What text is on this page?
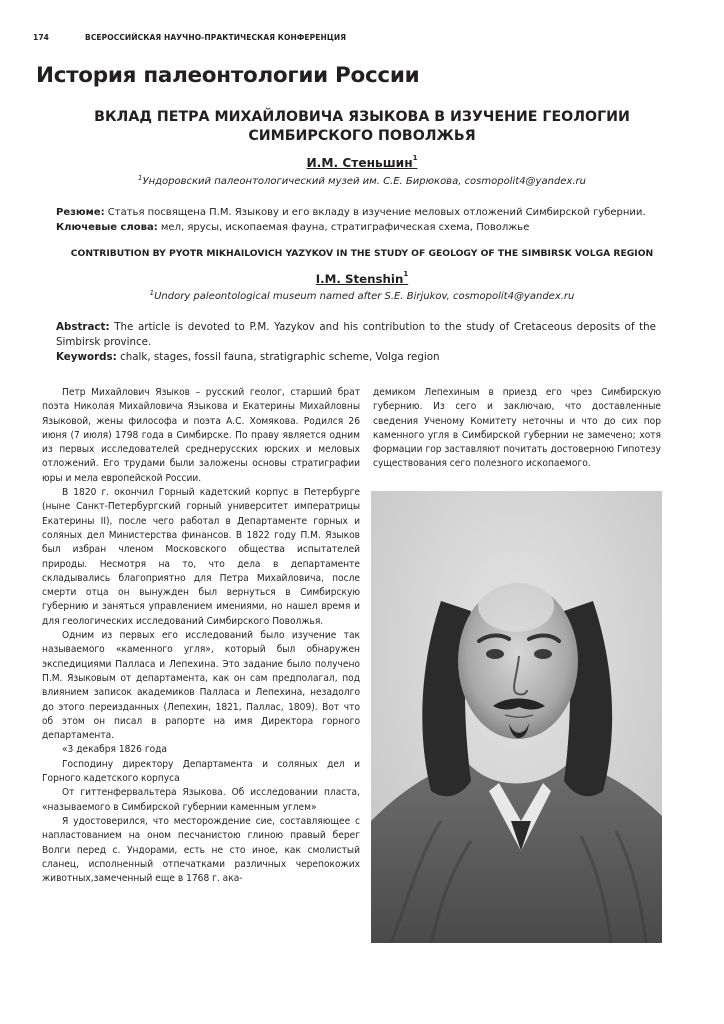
174	ВСЕРОССИЙСКАЯ НАУЧНО-ПРАКТИЧЕСКАЯ КОНФЕРЕНЦИЯ
История палеонтологии России
ВКЛАД ПЕТРА МИХАЙЛОВИЧА ЯЗЫКОВА В ИЗУЧЕНИЕ ГЕОЛОГИИ СИМБИРСКОГО ПОВОЛЖЬЯ
И.М. Стеньшин$^1$
$^1$Ундоровский палеонтологический музей им. С.Е. Бирюкова, cosmopolit4@yandex.ru
Резюме: Статья посвящена П.М. Языкову и его вкладу в изучение меловых отложений Симбирской губернии.
Ключевые слова: мел, ярусы, ископаемая фауна, стратиграфическая схема, Поволжье
CONTRIBUTION BY PYOTR MIKHAILOVICH YAZYKOV IN THE STUDY OF GEOLOGY OF THE SIMBIRSK VOLGA REGION
I.M. Stenshin$^1$
$^1$Undory paleontological museum named after S.E. Birjukov, cosmopolit4@yandex.ru
Abstract: The article is devoted to P.M. Yazykov and his contribution to the study of Cretaceous deposits of the Simbirsk province.
Keywords: chalk, stages, fossil fauna, stratigraphic scheme, Volga region

Петр Михайлович Языков – русский геолог, старший брат поэта Николая Михайловича Языкова и Екатерины Михайловны Языковой, жены философа и поэта А.С. Хомякова. Родился 26 июня (7 июля) 1798 года в Симбирске. По праву является одним из первых исследователей среднерусских юрских и меловых отложений. Его трудами были заложены основы стратиграфии юры и мела европейской России.

В 1820 г. окончил Горный кадетский корпус в Петербурге (ныне Санкт-Петербургский горный университет императрицы Екатерины II), после чего работал в Департаменте горных и соляных дел Министерства финансов. В 1822 году П.М. Языков был избран членом Московского общества испытателей природы. Несмотря на то, что дела в департаменте складывались благоприятно для Петра Михайловича, после смерти отца он вынужден был вернуться в Симбирскую губернию и заняться управлением имениями, но нашел время и для геологических исследований Симбирского Поволжья.

Одним из первых его исследований было изучение так называемого «каменного угля», который был обнаружен экспедициями Палласа и Лепехина. Это задание было получено П.М. Языковым от департамента, как он сам предполагал, под влиянием записок академиков Палласа и Лепехина, незадолго до этого переизданных (Лепехин, 1821, Паллас, 1809). Вот что об этом он писал в рапорте на имя Директора горного департамента.

«3 декабря 1826 года

Господину директору Департамента и соляных дел и Горного кадетского корпуса

От гиттенфервальтера Языкова. Об исследовании пласта, «называемого в Симбирской губернии каменным углем»

Я удостоверился, что месторождение сие, составляющее с напластованием на оном песчанистою глиною правый берег Волги перед с. Ундорами, есть не сто иное, как смолистый сланец, исполненный отпечатками различных черепокожих животных,замеченный еще в 1768 г. ака-

демиком Лепехиным в приезд его чрез Симбирскую губернию. Из сего и заключаю, что доставленные сведения Ученому Комитету неточны и что до сих пор каменного угля в Симбирской губернии не замечено; хотя формации гор заставляют почитать достоверною Гипотезу существования сего полезного ископаемого.
